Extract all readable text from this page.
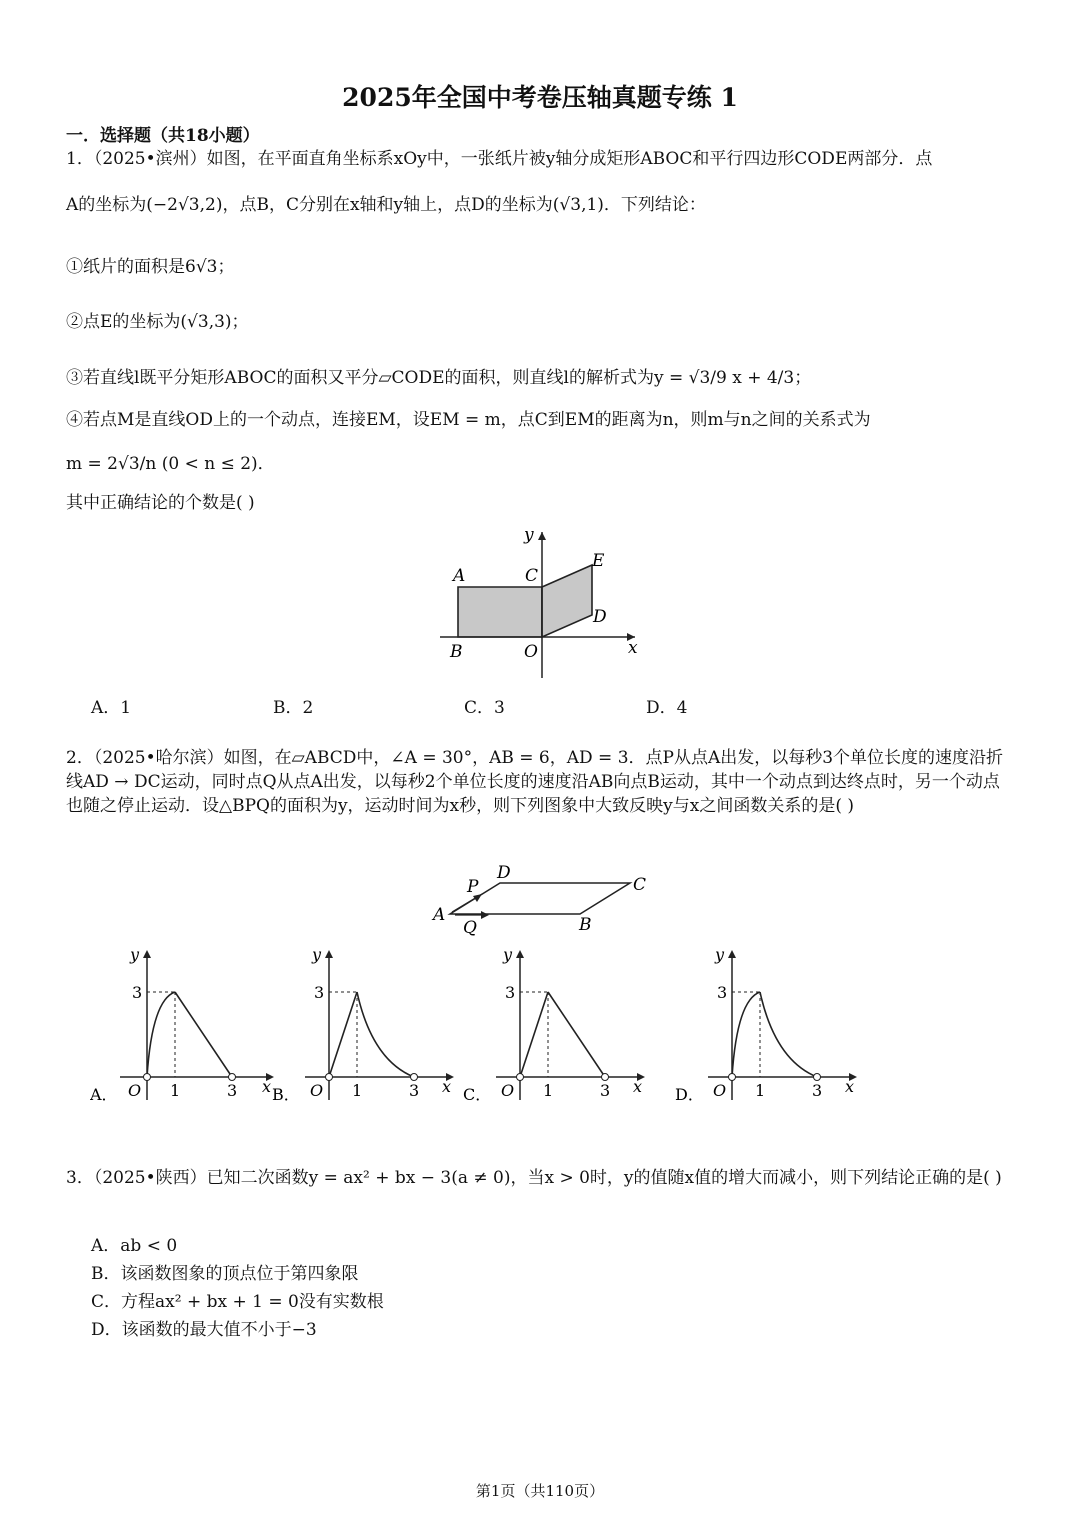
2025年全国中考卷压轴真题专练 1
一．选择题（共18小题）
1．（2025•滨州）如图，在平面直角坐标系xOy中，一张纸片被y轴分成矩形ABOC和平行四边形CODE两部分．点
A的坐标为(−2√3,2)，点B，C分别在x轴和y轴上，点D的坐标为(√3,1)．下列结论：
①纸片的面积是6√3；
②点E的坐标为(√3,3)；
③若直线l既平分矩形ABOC的面积又平分▱CODE的面积，则直线l的解析式为y = √3/9 x + 4/3；
④若点M是直线OD上的一个动点，连接EM，设EM = m，点C到EM的距离为n，则m与n之间的关系式为
m = 2√3/n (0 < n ≤ 2)．
其中正确结论的个数是( )
A	C
E
D
B	O	x
y
A．1	B．2	C．3	D．4
2．（2025•哈尔滨）如图，在▱ABCD中，∠A = 30°，AB = 6，AD = 3．点P从点A出发，以每秒3个单位长度的速度沿折线AD → DC运动，同时点Q从点A出发，以每秒2个单位长度的速度沿AB向点B运动，其中一个动点到达终点时，另一个动点也随之停止运动．设△BPQ的面积为y，运动时间为x秒，则下列图象中大致反映y与x之间函数关系的是( )
A	B
C
D
P
Q
A． O 1	3 x
y
3
B． O 1	3 x
y
3
C． O 1	3 x
y
3
D． O 1	3 x
y
3
3．（2025•陕西）已知二次函数y = ax² + bx − 3(a ≠ 0)，当x > 0时，y的值随x值的增大而减小，则下列结论正确的是( )
A．ab < 0
B．该函数图象的顶点位于第四象限
C．方程ax² + bx + 1 = 0没有实数根
D．该函数的最大值不小于−3
第1页（共110页）
